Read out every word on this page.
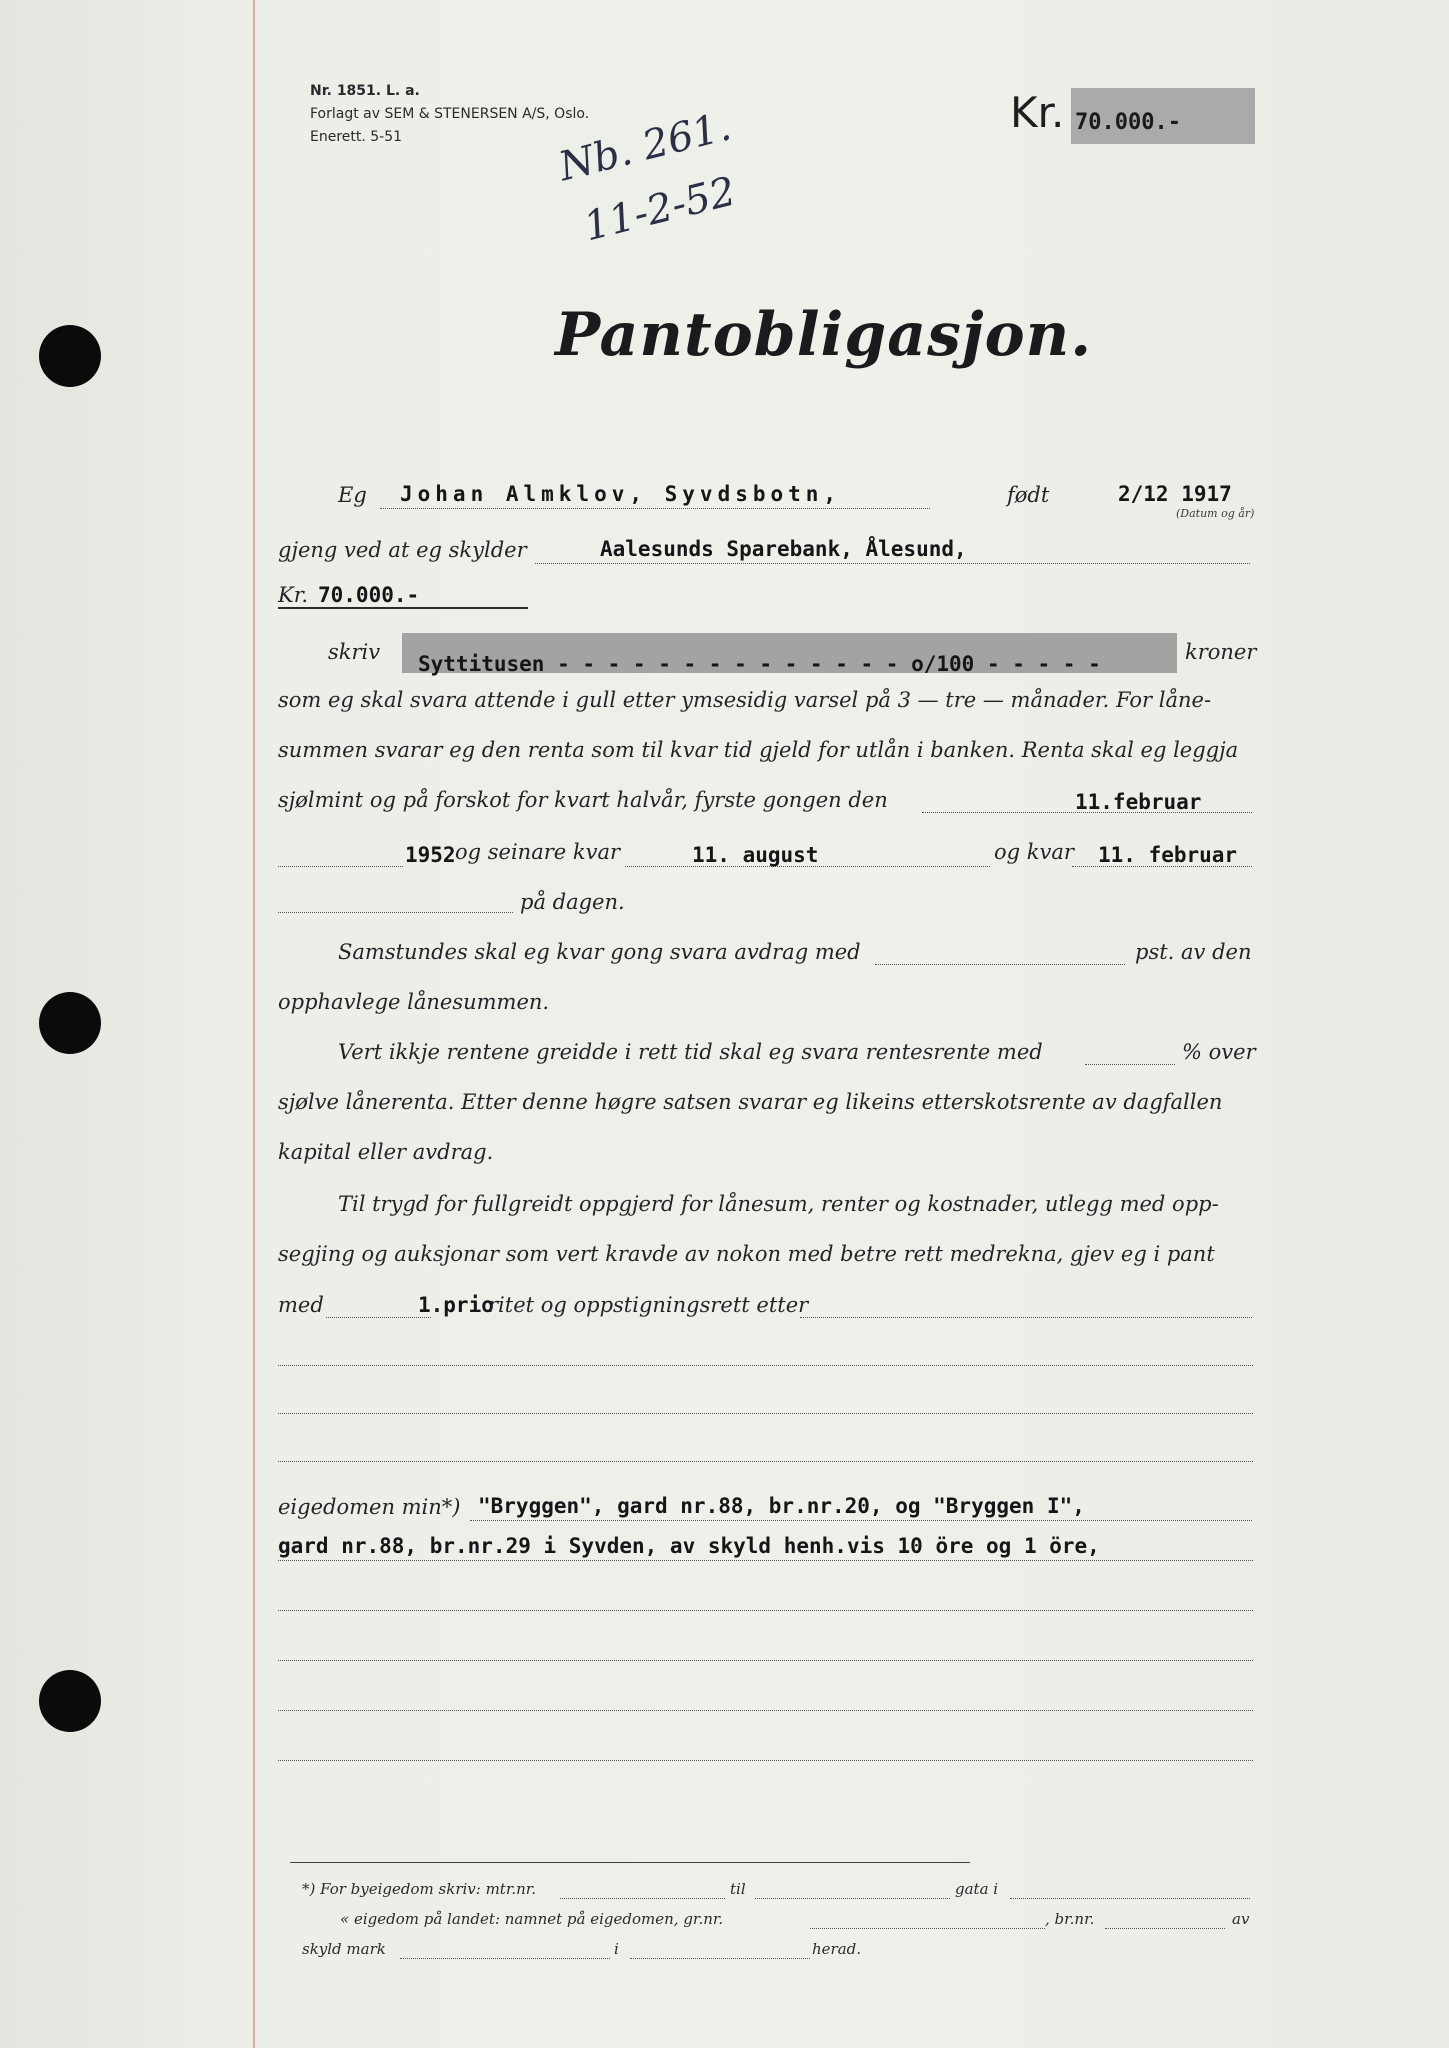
Nr. 1851. L. a.
Forlagt av SEM & STENERSEN A/S, Oslo.
Enerett. 5-51	Nb. 261.
11-2-52
Kr. 70.000.-
Pantobligasjon.
Eg Johan Almklov, Syvdsbotn,	født	2/12 1917
(Datum og år)
gjeng ved at eg skylder	Aalesunds Sparebank, Ålesund,
Kr. 70.000.-
skriv Syttitusen - - - - - - - - - - - - - - o/100 - - - - -	kroner
som eg skal svara attende i gull etter ymsesidig varsel på 3 — tre — månader. For låne-
summen svarar eg den renta som til kvar tid gjeld for utlån i banken. Renta skal eg leggja
sjølmint og på forskot for kvart halvår, fyrste gongen den	11.februar
1952 og seinare kvar	11. august	og kvar 11. februar
på dagen.
Samstundes skal eg kvar gong svara avdrag med	pst. av den
opphavlege lånesummen.
Vert ikkje rentene greidde i rett tid skal eg svara rentesrente med	% over
sjølve lånerenta. Etter denne høgre satsen svarar eg likeins etterskotsrente av dagfallen
kapital eller avdrag.
Til trygd for fullgreidt oppgjerd for lånesum, renter og kostnader, utlegg med opp-
segjing og auksjonar som vert kravde av nokon med betre rett medrekna, gjev eg i pant
med	1.prio
ritet og oppstigningsrett etter
eigedomen min*) "Bryggen", gard nr.88, br.nr.20, og "Bryggen I",
gard nr.88, br.nr.29 i Syvden, av skyld henh.vis 10 öre og 1 öre,
*) For byeigedom skriv: mtr.nr.	til	gata i
« eigedom på landet: namnet på eigedomen, gr.nr.	, br.nr.	av
skyld mark	i	herad.
